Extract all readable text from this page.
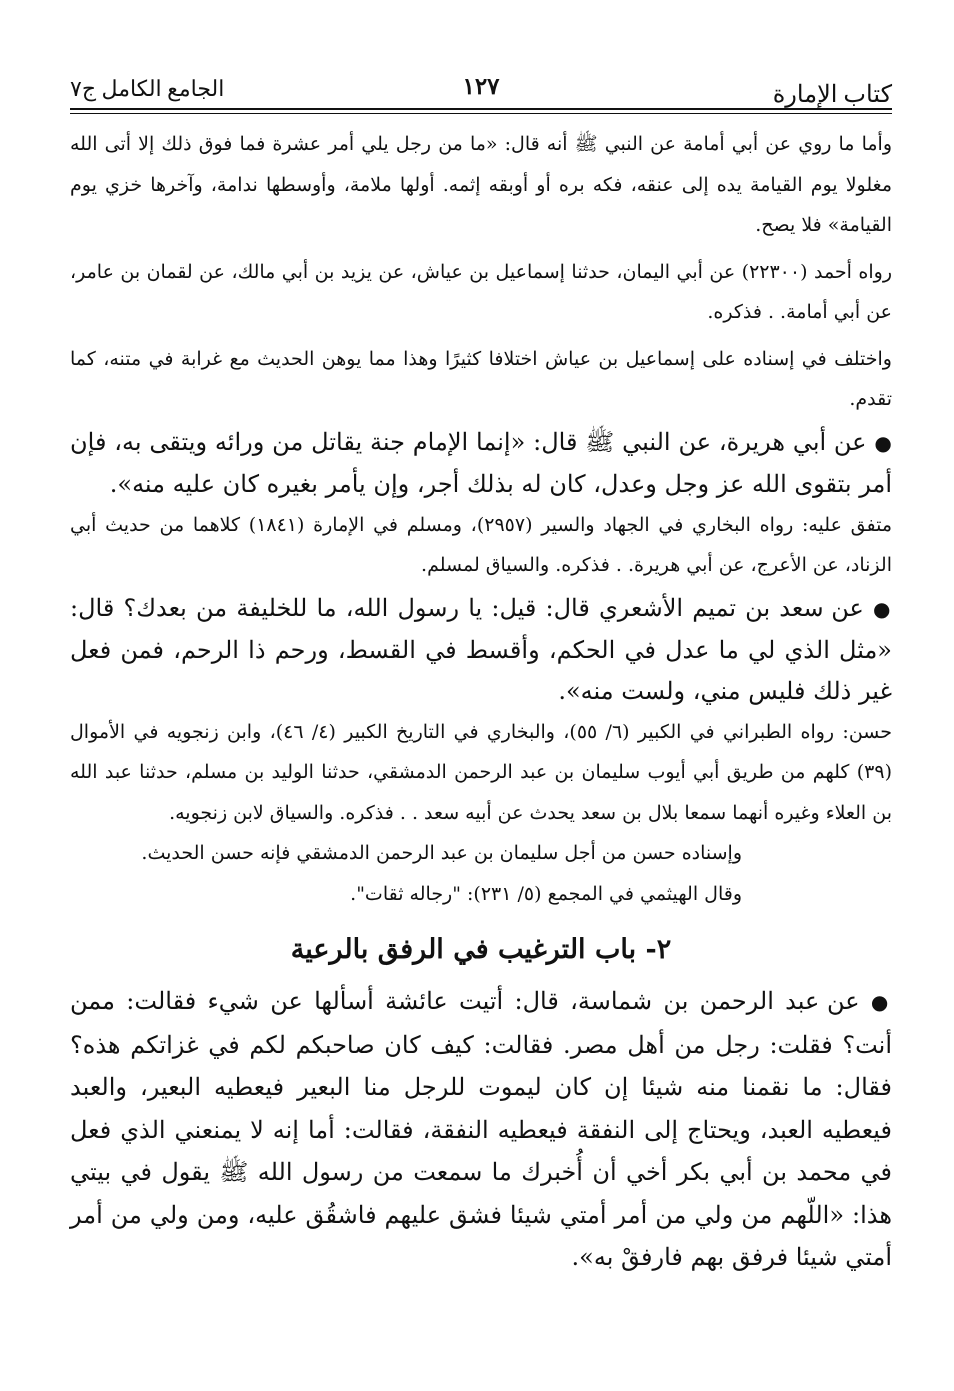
كتاب الإمارة
١٢٧
الجامع الكامل ج٧

وأما ما روي عن أبي أمامة عن النبي ﷺ أنه قال: «ما من رجل يلي أمر عشرة فما فوق ذلك إلا أتى الله مغلولا يوم القيامة يده إلى عنقه، فكه بره أو أوبقه إثمه. أولها ملامة، وأوسطها ندامة، وآخرها خزي يوم القيامة» فلا يصح.

رواه أحمد (٢٢٣٠٠) عن أبي اليمان، حدثنا إسماعيل بن عياش، عن يزيد بن أبي مالك، عن لقمان بن عامر، عن أبي أمامة. . فذكره.

واختلف في إسناده على إسماعيل بن عياش اختلافا كثيرًا وهذا مما يوهن الحديث مع غرابة في متنه، كما تقدم.

● عن أبي هريرة، عن النبي ﷺ قال: «إنما الإمام جنة يقاتل من ورائه ويتقى به، فإن أمر بتقوى الله عز وجل وعدل، كان له بذلك أجر، وإن يأمر بغيره كان عليه منه».

متفق عليه: رواه البخاري في الجهاد والسير (٢٩٥٧)، ومسلم في الإمارة (١٨٤١) كلاهما من حديث أبي الزناد، عن الأعرج، عن أبي هريرة. . فذكره. والسياق لمسلم.

● عن سعد بن تميم الأشعري قال: قيل: يا رسول الله، ما للخليفة من بعدك؟ قال: «مثل الذي لي ما عدل في الحكم، وأقسط في القسط، ورحم ذا الرحم، فمن فعل غير ذلك فليس مني، ولست منه».

حسن: رواه الطبراني في الكبير (٦/ ٥٥)، والبخاري في التاريخ الكبير (٤/ ٤٦)، وابن زنجويه في الأموال (٣٩) كلهم من طريق أبي أيوب سليمان بن عبد الرحمن الدمشقي، حدثنا الوليد بن مسلم، حدثنا عبد الله بن العلاء وغيره أنهما سمعا بلال بن سعد يحدث عن أبيه سعد . . فذكره. والسياق لابن زنجويه.

وإسناده حسن من أجل سليمان بن عبد الرحمن الدمشقي فإنه حسن الحديث.

وقال الهيثمي في المجمع (٥/ ٢٣١): "رجاله ثقات".

٢- باب الترغيب في الرفق بالرعية

● عن عبد الرحمن بن شماسة، قال: أتيت عائشة أسألها عن شيء فقالت: ممن أنت؟ فقلت: رجل من أهل مصر. فقالت: كيف كان صاحبكم لكم في غزاتكم هذه؟ فقال: ما نقمنا منه شيئا إن كان ليموت للرجل منا البعير فيعطيه البعير، والعبد فيعطيه العبد، ويحتاج إلى النفقة فيعطيه النفقة، فقالت: أما إنه لا يمنعني الذي فعل في محمد بن أبي بكر أخي أن أُخبرك ما سمعت من رسول الله ﷺ يقول في بيتي هذا: «اللّهم من ولي من أمر أمتي شيئا فشق عليهم فاشقُق عليه، ومن ولي من أمر أمتي شيئا فرفق بهم فارفقْ به».
